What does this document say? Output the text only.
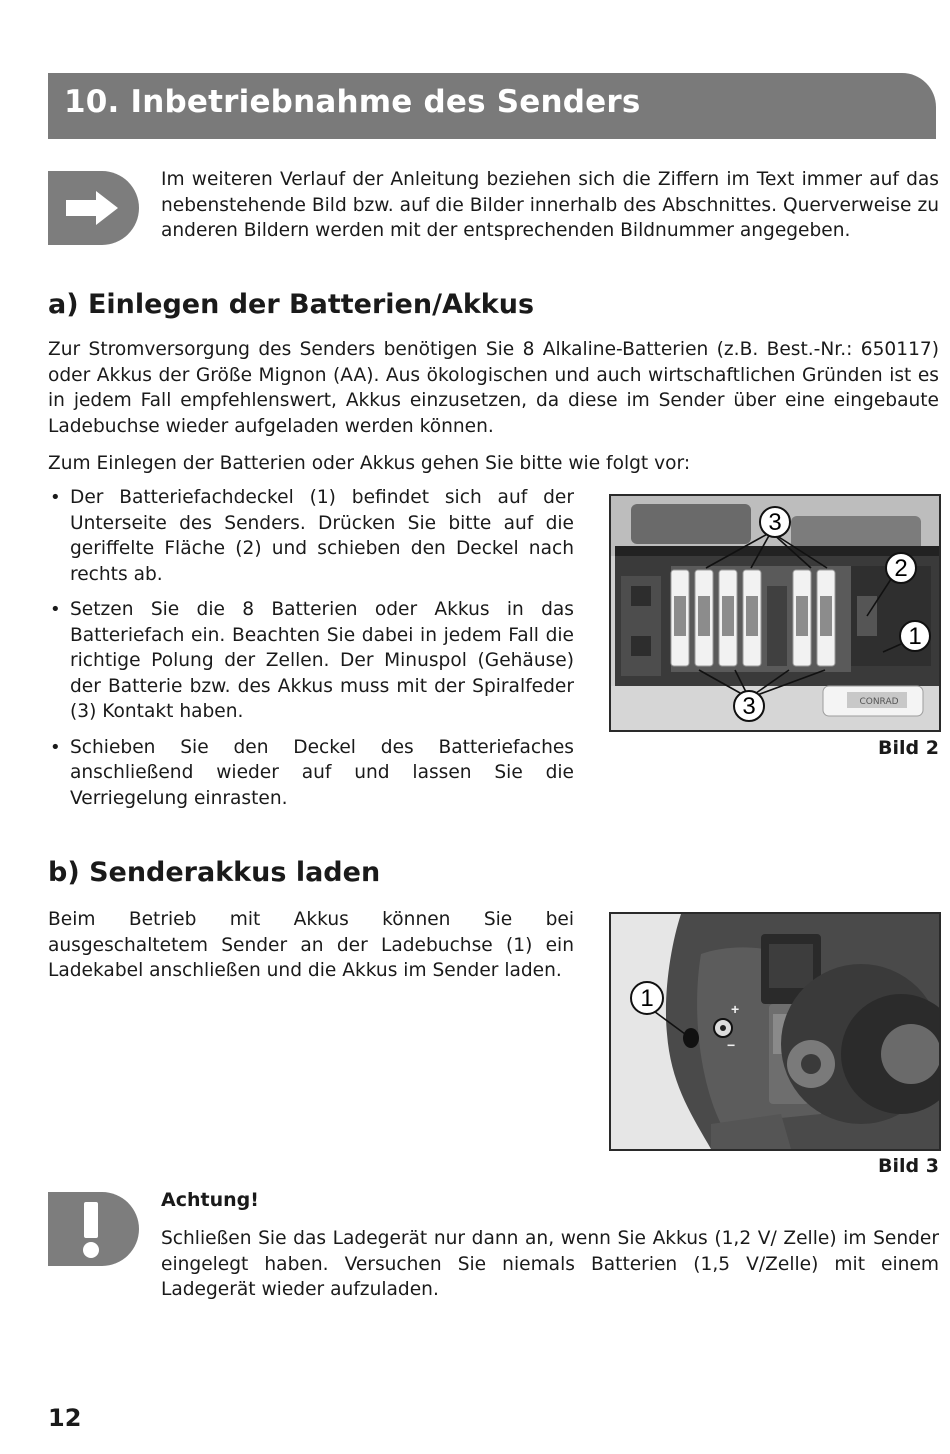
10. Inbetriebnahme des Senders
Im weiteren Verlauf der Anleitung beziehen sich die Ziffern im Text immer auf das nebenstehende Bild bzw. auf die Bilder innerhalb des Abschnittes. Querverweise zu anderen Bildern werden mit der entsprechenden Bildnummer angegeben.
a) Einlegen der Batterien/Akkus
Zur Stromversorgung des Senders benötigen Sie 8 Alkaline-Batterien (z.B. Best.-Nr.: 650117) oder Akkus der Größe Mignon (AA). Aus ökologischen und auch wirtschaftlichen Gründen ist es in jedem Fall empfehlenswert, Akkus einzusetzen, da diese im Sender über eine eingebaute Ladebuchse wieder aufgeladen werden können.
Zum Einlegen der Batterien oder Akkus gehen Sie bitte wie folgt vor:
• Der Batteriefachdeckel (1) befindet sich auf der Unterseite des Senders. Drücken Sie bitte auf die geriffelte Fläche (2) und schieben den Deckel nach rechts ab.
• Setzen Sie die 8 Batterien oder Akkus in das Batteriefach ein. Beachten Sie dabei in jedem Fall die richtige Polung der Zellen. Der Minuspol (Gehäuse) der Batterie bzw. des Akkus muss mit der Spiralfeder (3) Kontakt haben.
• Schieben Sie den Deckel des Batteriefaches anschließend wieder auf und lassen Sie die Verriegelung einrasten.
CONRAD
3
2
1
3
Bild 2
b) Senderakkus laden
Beim Betrieb mit Akkus können Sie bei ausgeschaltetem Sender an der Ladebuchse (1) ein Ladekabel anschließen und die Akkus im Sender laden.
+
−
1
Bild 3
Achtung!
Schließen Sie das Ladegerät nur dann an, wenn Sie Akkus (1,2 V/ Zelle) im Sender eingelegt haben. Versuchen Sie niemals Batterien (1,5 V/Zelle) mit einem Ladegerät wieder aufzuladen.
12
